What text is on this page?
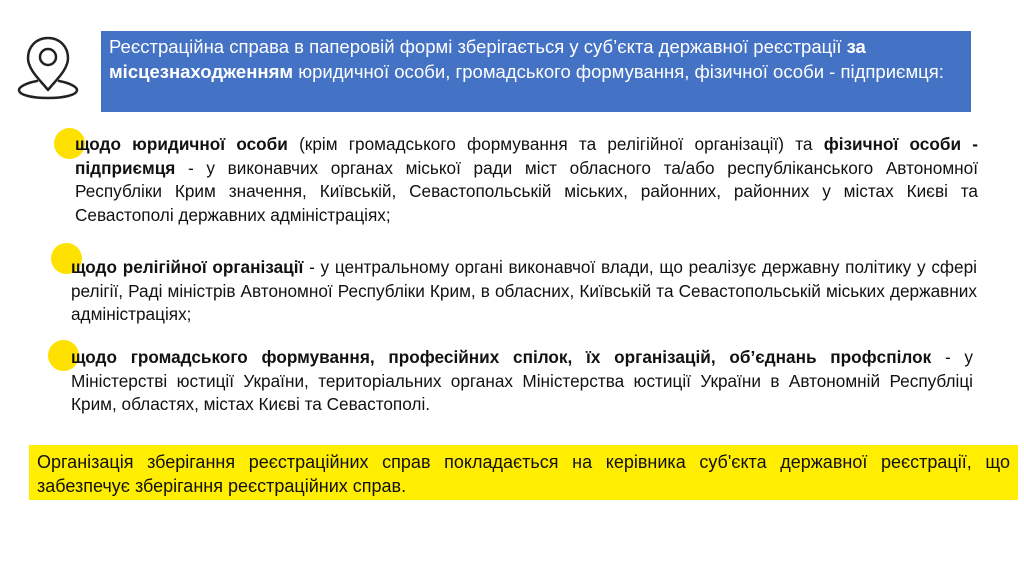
Реєстраційна справа в паперовій формі зберігається у суб’єкта державної реєстрації за місцезнаходженням юридичної особи, громадського формування, фізичної особи - підприємця:
щодо юридичної особи (крім громадського формування та релігійної організації) та фізичної особи - підприємця - у виконавчих органах міської ради міст обласного та/або республіканського Автономної Республіки Крим значення, Київській, Севастопольській міських, районних, районних у містах Києві та Севастополі державних адміністраціях;
щодо релігійної організації - у центральному органі виконавчої влади, що реалізує державну політику у сфері релігії, Раді міністрів Автономної Республіки Крим, в обласних, Київській та Севастопольській міських державних адміністраціях;
щодо громадського формування, професійних спілок, їх організацій, об’єднань профспілок - у Міністерстві юстиції України, територіальних органах Міністерства юстиції України в Автономній Республіці Крим, областях, містах Києві та Севастополі.
Організація зберігання реєстраційних справ покладається на керівника суб'єкта державної реєстрації, що забезпечує зберігання реєстраційних справ.
